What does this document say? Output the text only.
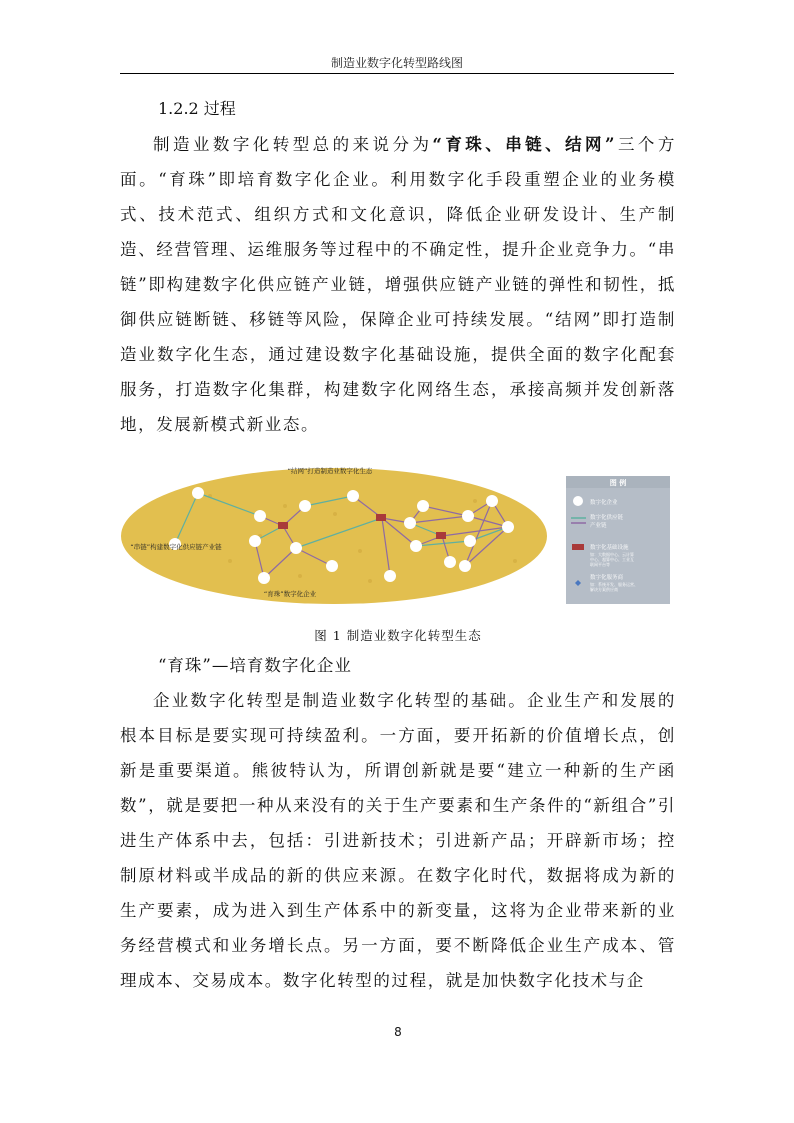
制造业数字化转型路线图
1.2.2 过程

制造业数字化转型总的来说分为“育珠、串链、结网”三个方面。“育珠”即培育数字化企业。利用数字化手段重塑企业的业务模式、技术范式、组织方式和文化意识，降低企业研发设计、生产制造、经营管理、运维服务等过程中的不确定性，提升企业竞争力。“串链”即构建数字化供应链产业链，增强供应链产业链的弹性和韧性，抵御供应链断链、移链等风险，保障企业可持续发展。“结网”即打造制造业数字化生态，通过建设数字化基础设施，提供全面的数字化配套服务，打造数字化集群，构建数字化网络生态，承接高频并发创新落地，发展新模式新业态。

“结网”打造制造业数字化生态
“串链”构建数字化供应链产业链
“育珠”数字化企业
图 例
数字化企业
数字化供应链
产业链
数字化基础设施
如：大数据中心、云计算
中心、超算中心、工业互
联网平台等
数字化服务商
如：系统开发、服务运营、
解决方案供应商
图 1 制造业数字化转型生态
“育珠”—培育数字化企业

企业数字化转型是制造业数字化转型的基础。企业生产和发展的根本目标是要实现可持续盈利。一方面，要开拓新的价值增长点，创新是重要渠道。熊彼特认为，所谓创新就是要“建立一种新的生产函数”，就是要把一种从来没有的关于生产要素和生产条件的“新组合”引进生产体系中去，包括：引进新技术；引进新产品；开辟新市场；控制原材料或半成品的新的供应来源。在数字化时代，数据将成为新的生产要素，成为进入到生产体系中的新变量，这将为企业带来新的业务经营模式和业务增长点。另一方面，要不断降低企业生产成本、管理成本、交易成本。数字化转型的过程，就是加快数字化技术与企

8
